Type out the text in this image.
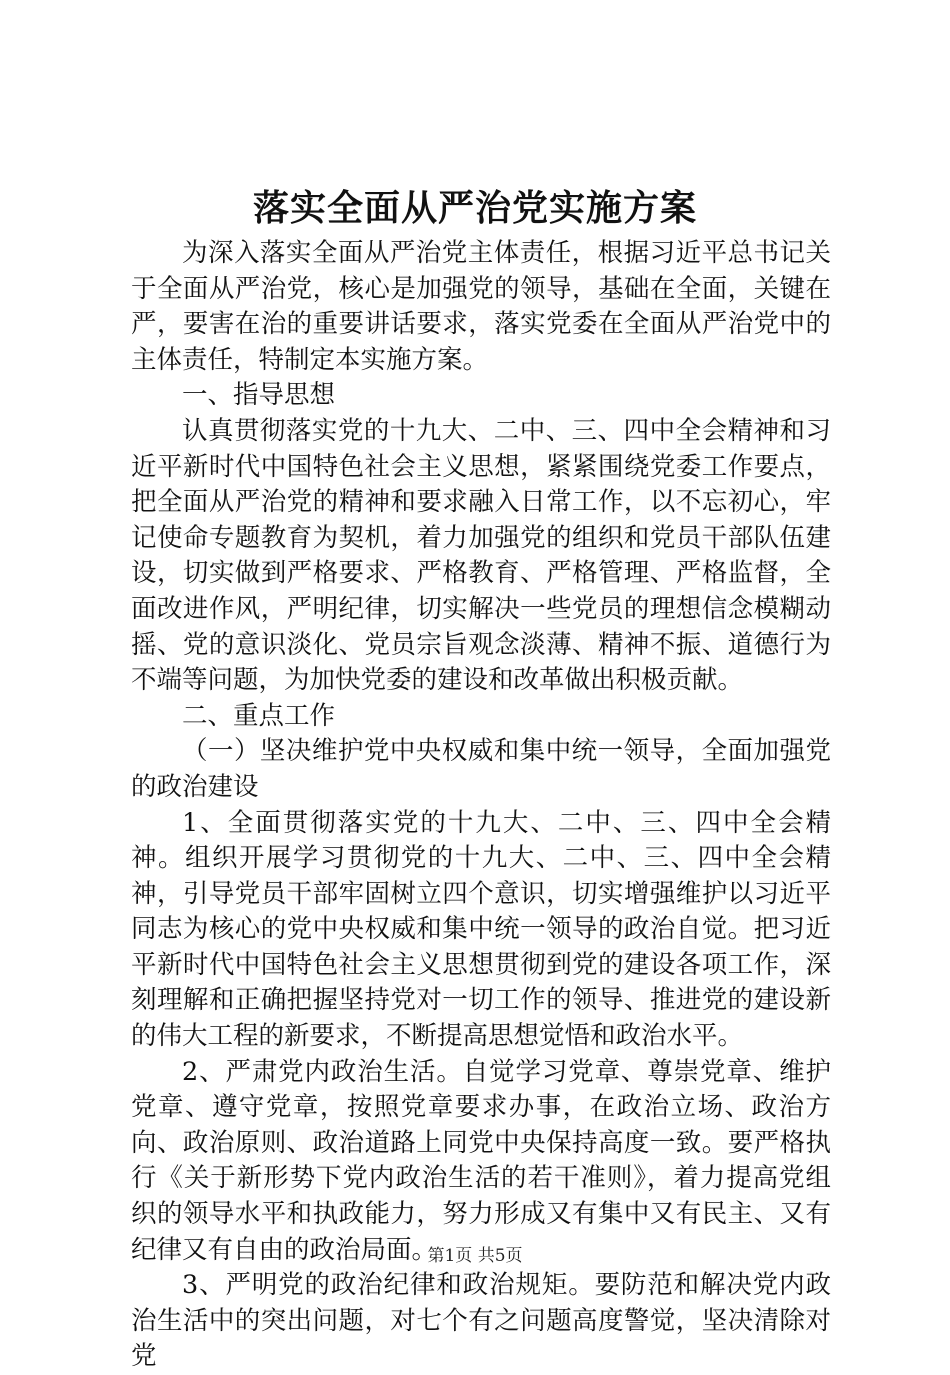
落实全面从严治党实施方案

为深入落实全面从严治党主体责任，根据习近平总书记关于全面从严治党，核心是加强党的领导，基础在全面，关键在严，要害在治的重要讲话要求，落实党委在全面从严治党中的主体责任，特制定本实施方案。

一、指导思想

认真贯彻落实党的十九大、二中、三、四中全会精神和习近平新时代中国特色社会主义思想，紧紧围绕党委工作要点，把全面从严治党的精神和要求融入日常工作，以不忘初心，牢记使命专题教育为契机，着力加强党的组织和党员干部队伍建设，切实做到严格要求、严格教育、严格管理、严格监督，全面改进作风，严明纪律，切实解决一些党员的理想信念模糊动摇、党的意识淡化、党员宗旨观念淡薄、精神不振、道德行为不端等问题，为加快党委的建设和改革做出积极贡献。

二、重点工作

（一）坚决维护党中央权威和集中统一领导，全面加强党的政治建设

1、全面贯彻落实党的十九大、二中、三、四中全会精神。组织开展学习贯彻党的十九大、二中、三、四中全会精神，引导党员干部牢固树立四个意识，切实增强维护以习近平同志为核心的党中央权威和集中统一领导的政治自觉。把习近平新时代中国特色社会主义思想贯彻到党的建设各项工作，深刻理解和正确把握坚持党对一切工作的领导、推进党的建设新的伟大工程的新要求，不断提高思想觉悟和政治水平。

2、严肃党内政治生活。自觉学习党章、尊崇党章、维护党章、遵守党章，按照党章要求办事，在政治立场、政治方向、政治原则、政治道路上同党中央保持高度一致。要严格执行《关于新形势下党内政治生活的若干准则》，着力提高党组织的领导水平和执政能力，努力形成又有集中又有民主、又有纪律又有自由的政治局面。

3、严明党的政治纪律和政治规矩。要防范和解决党内政治生活中的突出问题，对七个有之问题高度警觉，坚决清除对党

第1页 共5页
